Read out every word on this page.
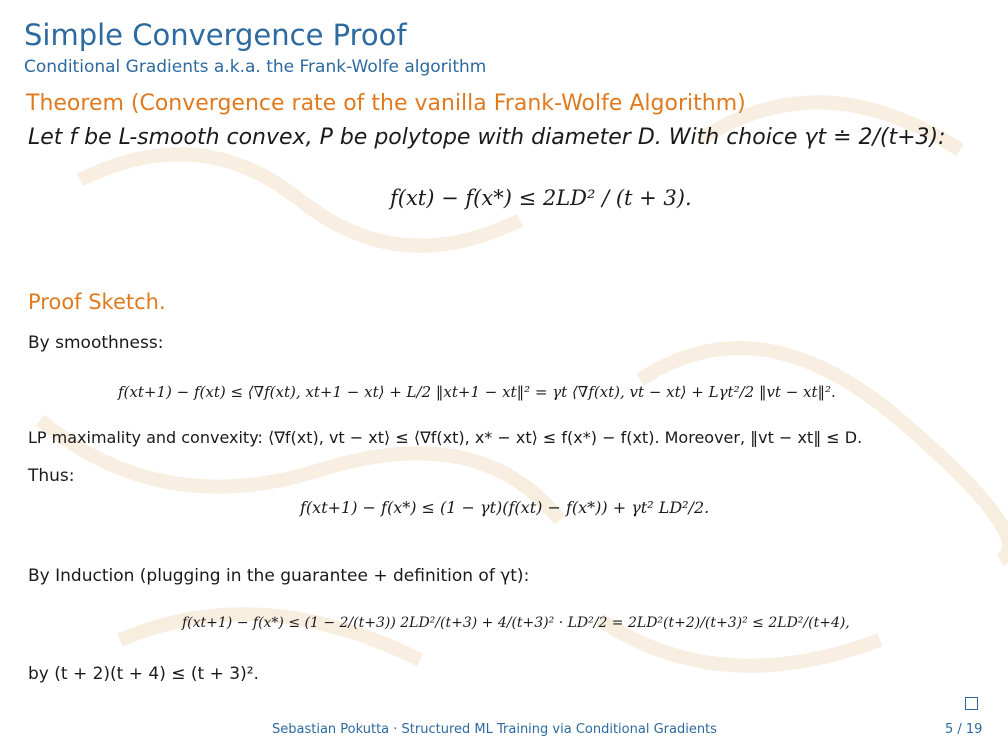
Simple Convergence Proof
Conditional Gradients a.k.a. the Frank-Wolfe algorithm
Theorem (Convergence rate of the vanilla Frank-Wolfe Algorithm)
Let f be L-smooth convex, P be polytope with diameter D. With choice γt ≐ 2/(t+3):
f(xt) − f(x*) ≤ 2LD² / (t + 3).
Proof Sketch.
By smoothness:
f(xt+1) − f(xt) ≤ ⟨∇f(xt), xt+1 − xt⟩ + L/2 ‖xt+1 − xt‖² = γt ⟨∇f(xt), vt − xt⟩ + Lγt²/2 ‖vt − xt‖².
LP maximality and convexity: ⟨∇f(xt), vt − xt⟩ ≤ ⟨∇f(xt), x* − xt⟩ ≤ f(x*) − f(xt). Moreover, ‖vt − xt‖ ≤ D.
Thus:
f(xt+1) − f(x*) ≤ (1 − γt)(f(xt) − f(x*)) + γt² LD²/2.
By Induction (plugging in the guarantee + definition of γt):
f(xt+1) − f(x*) ≤ (1 − 2/(t+3)) 2LD²/(t+3) + 4/(t+3)² · LD²/2 = 2LD²(t+2)/(t+3)² ≤ 2LD²/(t+4),
by (t + 2)(t + 4) ≤ (t + 3)².
Sebastian Pokutta · Structured ML Training via Conditional Gradients	5 / 19
